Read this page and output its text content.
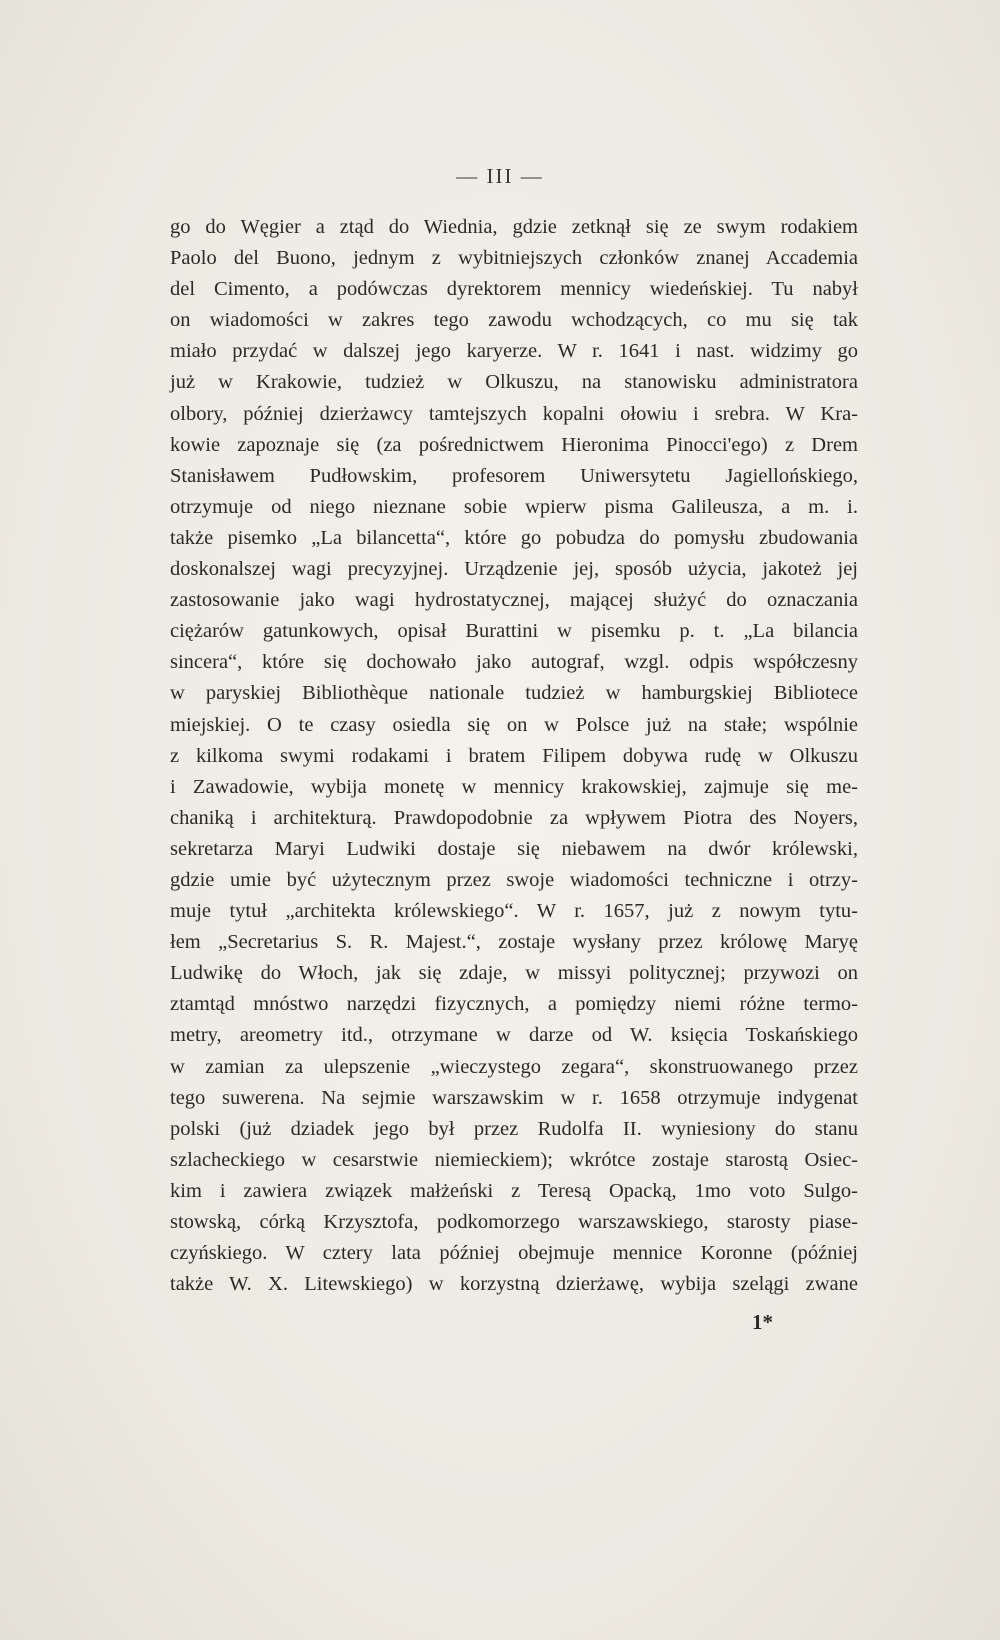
— III —
go do Węgier a ztąd do Wiednia, gdzie zetknął się ze swym rodakiem
Paolo del Buono, jednym z wybitniejszych członków znanej Accademia
del Cimento, a podówczas dyrektorem mennicy wiedeńskiej. Tu nabył
on wiadomości w zakres tego zawodu wchodzących, co mu się tak
miało przydać w dalszej jego karyerze. W r. 1641 i nast. widzimy go
już w Krakowie, tudzież w Olkuszu, na stanowisku administratora
olbory, później dzierżawcy tamtejszych kopalni ołowiu i srebra. W Kra-
kowie zapoznaje się (za pośrednictwem Hieronima Pinocci'ego) z Drem
Stanisławem Pudłowskim, profesorem Uniwersytetu Jagiellońskiego,
otrzymuje od niego nieznane sobie wpierw pisma Galileusza, a m. i.
także pisemko „La bilancetta“, które go pobudza do pomysłu zbudowania
doskonalszej wagi precyzyjnej. Urządzenie jej, sposób użycia, jakoteż jej
zastosowanie jako wagi hydrostatycznej, mającej służyć do oznaczania
ciężarów gatunkowych, opisał Burattini w pisemku p. t. „La bilancia
sincera“, które się dochowało jako autograf, wzgl. odpis współczesny
w paryskiej Bibliothèque nationale tudzież w hamburgskiej Bibliotece
miejskiej. O te czasy osiedla się on w Polsce już na stałe; wspólnie
z kilkoma swymi rodakami i bratem Filipem dobywa rudę w Olkuszu
i Zawadowie, wybija monetę w mennicy krakowskiej, zajmuje się me-
chaniką i architekturą. Prawdopodobnie za wpływem Piotra des Noyers,
sekretarza Maryi Ludwiki dostaje się niebawem na dwór królewski,
gdzie umie być użytecznym przez swoje wiadomości techniczne i otrzy-
muje tytuł „architekta królewskiego“. W r. 1657, już z nowym tytu-
łem „Secretarius S. R. Majest.“, zostaje wysłany przez królowę Maryę
Ludwikę do Włoch, jak się zdaje, w missyi politycznej; przywozi on
ztamtąd mnóstwo narzędzi fizycznych, a pomiędzy niemi różne termo-
metry, areometry itd., otrzymane w darze od W. księcia Toskańskiego
w zamian za ulepszenie „wieczystego zegara“, skonstruowanego przez
tego suwerena. Na sejmie warszawskim w r. 1658 otrzymuje indygenat
polski (już dziadek jego był przez Rudolfa II. wyniesiony do stanu
szlacheckiego w cesarstwie niemieckiem); wkrótce zostaje starostą Osiec-
kim i zawiera związek małżeński z Teresą Opacką, 1mo voto Sulgo-
stowską, córką Krzysztofa, podkomorzego warszawskiego, starosty piase-
czyńskiego. W cztery lata później obejmuje mennice Koronne (później
także W. X. Litewskiego) w korzystną dzierżawę, wybija szelągi zwane
1*
